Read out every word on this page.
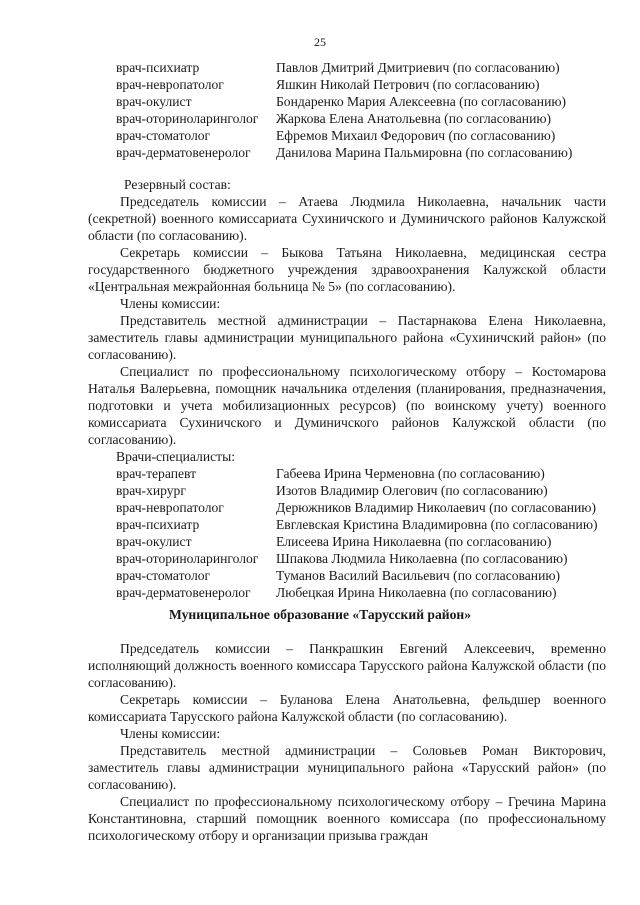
25
врач-психиатр	Павлов Дмитрий Дмитриевич (по согласованию)
врач-невропатолог	Яшкин Николай Петрович (по согласованию)
врач-окулист	Бондаренко Мария Алексеевна (по согласованию)
врач-оториноларинголог	Жаркова Елена Анатольевна (по согласованию)
врач-стоматолог	Ефремов Михаил Федорович (по согласованию)
врач-дерматовенеролог	Данилова Марина Пальмировна (по согласованию)
Резервный состав:

Председатель комиссии – Атаева Людмила Николаевна, начальник части (секретной) военного комиссариата Сухиничского и Думиничского районов Калужской области (по согласованию).

Секретарь комиссии – Быкова Татьяна Николаевна, медицинская сестра государственного бюджетного учреждения здравоохранения Калужской области «Центральная межрайонная больница № 5» (по согласованию).

Члены комиссии:

Представитель местной администрации – Пастарнакова Елена Николаевна, заместитель главы администрации муниципального района «Сухиничский район» (по согласованию).

Специалист по профессиональному психологическому отбору – Костомарова Наталья Валерьевна, помощник начальника отделения (планирования, предназначения, подготовки и учета мобилизационных ресурсов) (по воинскому учету) военного комиссариата Сухиничского и Думиничского районов Калужской области (по согласованию).

Врачи-специалисты:
врач-терапевт	Габеева Ирина Черменовна (по согласованию)
врач-хирург	Изотов Владимир Олегович (по согласованию)
врач-невропатолог	Дерюжников Владимир Николаевич (по согласованию)
врач-психиатр	Евглевская Кристина Владимировна (по согласованию)
врач-окулист	Елисеева Ирина Николаевна (по согласованию)
врач-оториноларинголог	Шпакова Людмила Николаевна (по согласованию)
врач-стоматолог	Туманов Василий Васильевич (по согласованию)
врач-дерматовенеролог	Любецкая Ирина Николаевна (по согласованию)
Муниципальное образование «Тарусский район»

Председатель комиссии – Панкрашкин Евгений Алексеевич, временно исполняющий должность военного комиссара Тарусского района Калужской области (по согласованию).

Секретарь комиссии – Буланова Елена Анатольевна, фельдшер военного комиссариата Тарусского района Калужской области (по согласованию).

Члены комиссии:

Представитель местной администрации – Соловьев Роман Викторович, заместитель главы администрации муниципального района «Тарусский район» (по согласованию).

Специалист по профессиональному психологическому отбору – Гречина Марина Константиновна, старший помощник военного комиссара (по профессиональному психологическому отбору и организации призыва граждан
